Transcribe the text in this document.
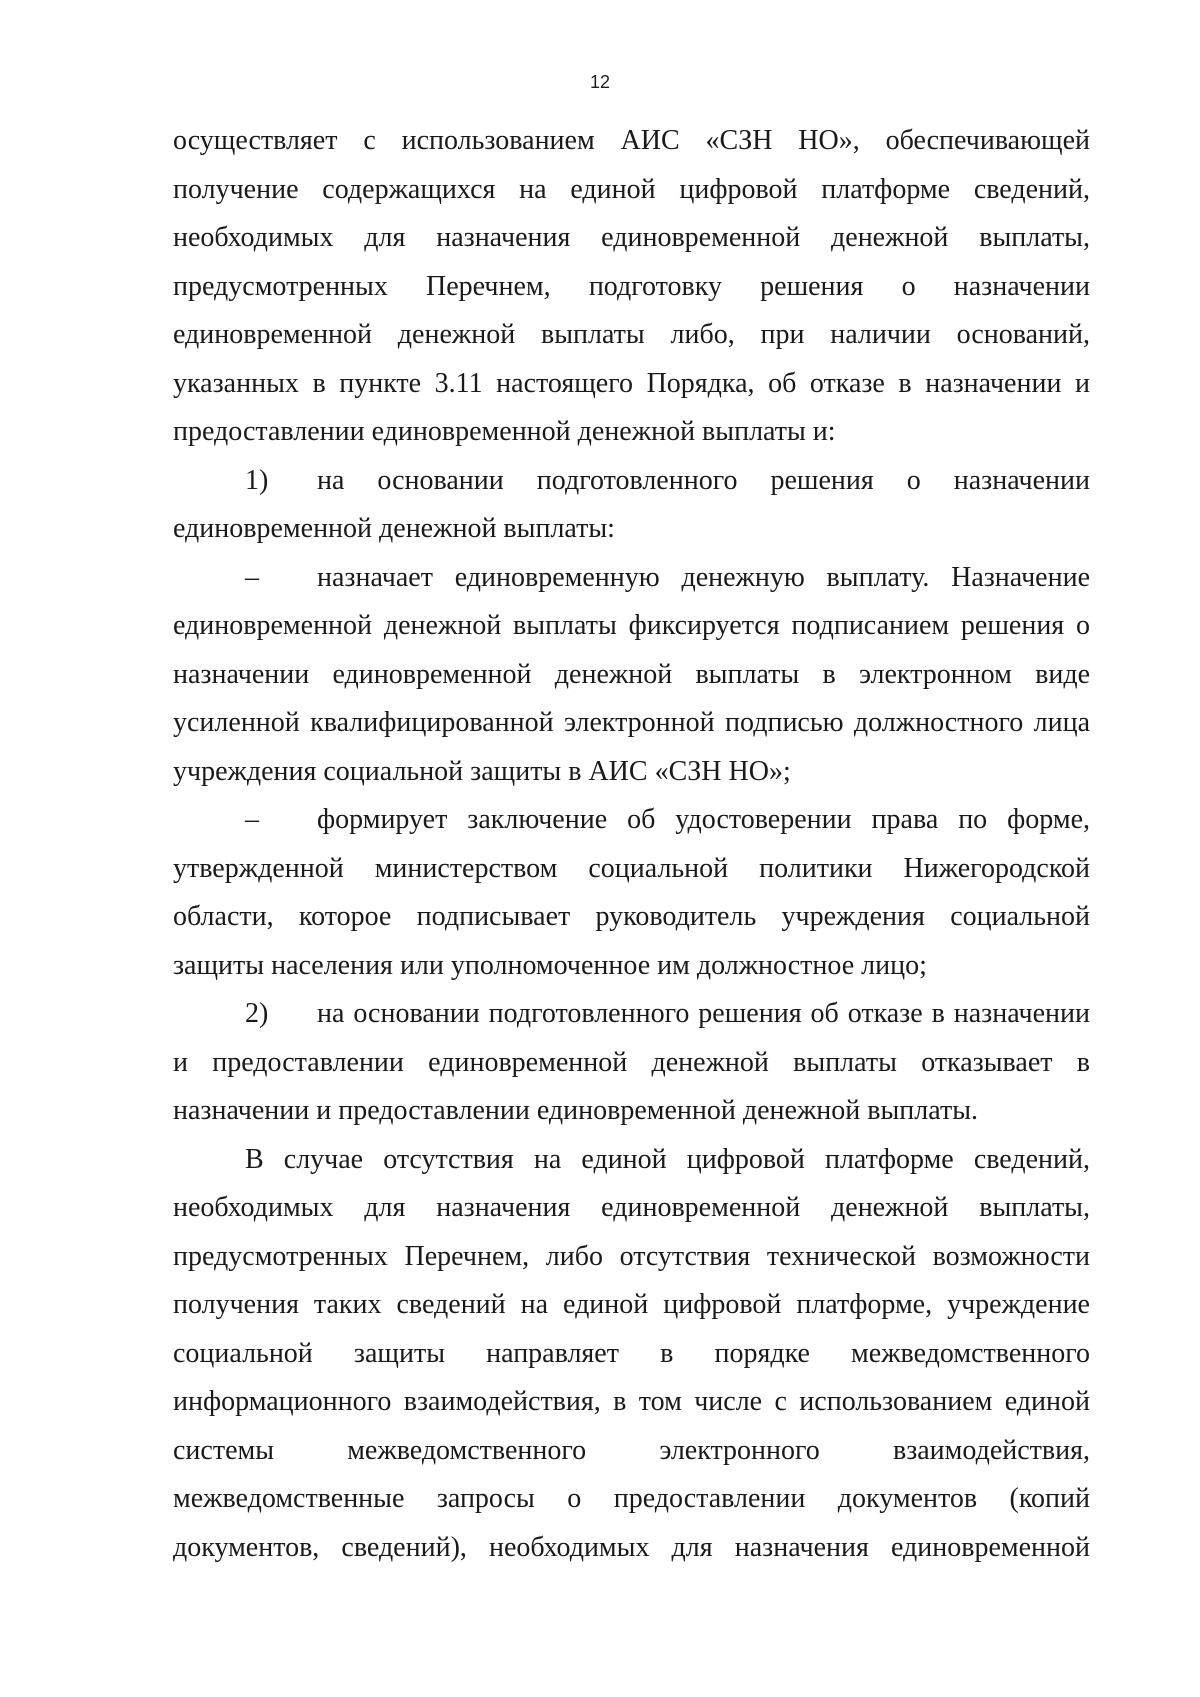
12

осуществляет с использованием АИС «СЗН НО», обеспечивающей получение содержащихся на единой цифровой платформе сведений, необходимых для назначения единовременной денежной выплаты, предусмотренных Перечнем, подготовку решения о назначении единовременной денежной выплаты либо, при наличии оснований, указанных в пункте 3.11 настоящего Порядка, об отказе в назначении и предоставлении единовременной денежной выплаты и:

1) на основании подготовленного решения о назначении единовременной денежной выплаты:

– назначает единовременную денежную выплату. Назначение единовременной денежной выплаты фиксируется подписанием решения о назначении единовременной денежной выплаты в электронном виде усиленной квалифицированной электронной подписью должностного лица учреждения социальной защиты в АИС «СЗН НО»;

– формирует заключение об удостоверении права по форме, утвержденной министерством социальной политики Нижегородской области, которое подписывает руководитель учреждения социальной защиты населения или уполномоченное им должностное лицо;

2) на основании подготовленного решения об отказе в назначении и предоставлении единовременной денежной выплаты отказывает в назначении и предоставлении единовременной денежной выплаты.

В случае отсутствия на единой цифровой платформе сведений, необходимых для назначения единовременной денежной выплаты, предусмотренных Перечнем, либо отсутствия технической возможности получения таких сведений на единой цифровой платформе, учреждение социальной защиты направляет в порядке межведомственного информационного взаимодействия, в том числе с использованием единой системы межведомственного электронного взаимодействия, межведомственные запросы о предоставлении документов (копий документов, сведений), необходимых для назначения единовременной
